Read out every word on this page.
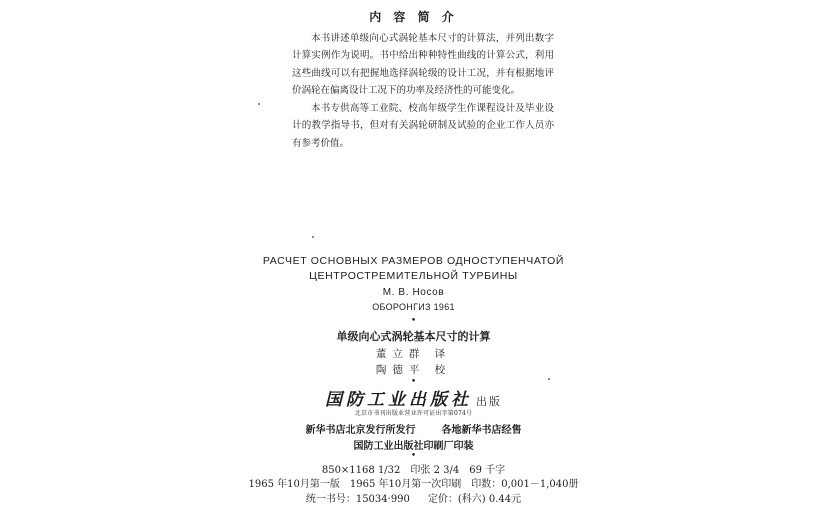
内 容 简 介

本书讲述单级向心式涡轮基本尺寸的计算法，并列出数字计算实例作为说明。书中给出种种特性曲线的计算公式，利用这些曲线可以有把握地选择涡轮级的设计工况，并有根据地评价涡轮在偏离设计工况下的功率及经济性的可能变化。

本书专供高等工业院、校高年级学生作课程设计及毕业设计的教学指导书，但对有关涡轮研制及试验的企业工作人员亦有参考价值。

РАСЧЕТ ОСНОВНЫХ РАЗМЕРОВ ОДНОСТУПЕНЧАТОЙ
ЦЕНТРОСТРЕМИТЕЛЬНОЙ ТУРБИНЫ
М. В. Носов
ОБОРОНГИЗ 1961
•
单级向心式涡轮基本尺寸的计算
董立群 译
陶德平 校
•
国防工业出版社 出版
北京市书刊出版业营业许可证出字第074号
新华书店北京发行所发行	各地新华书店经售
国防工业出版社印刷厂印装
•
850×1168 1/32 印张 2 3/4 69 千字
1965 年10月第一版 1965 年10月第一次印刷 印数：0,001－1,040册
统一书号：15034·990 定价：(科六) 0.44元
